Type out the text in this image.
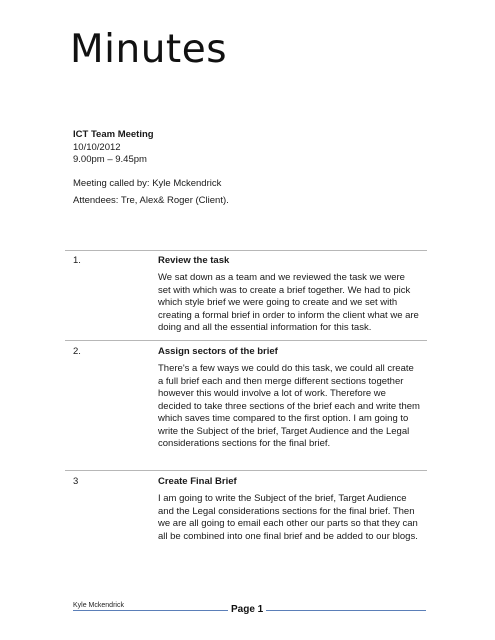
Minutes
ICT Team Meeting
10/10/2012
9.00pm – 9.45pm
Meeting called by: Kyle Mckendrick
Attendees: Tre, Alex& Roger (Client).
1.	Review the task

We sat down as a team and we reviewed the task we were set with which was to create a brief together. We had to pick which style brief we were going to create and we set with creating a formal brief in order to inform the client what we are doing and all the essential information for this task.

2.	Assign sectors of the brief

There's a few ways we could do this task, we could all create a full brief each and then merge different sections together however this would involve a lot of work. Therefore we decided to take three sections of the brief each and write them which saves time compared to the first option. I am going to write the Subject of the brief, Target Audience and the Legal considerations sections for the final brief.

3	Create Final Brief

I am going to write the Subject of the brief, Target Audience and the Legal considerations sections for the final brief. Then we are all going to email each other our parts so that they can all be combined into one final brief and be added to our blogs.

Kyle Mckendrick	Page 1
